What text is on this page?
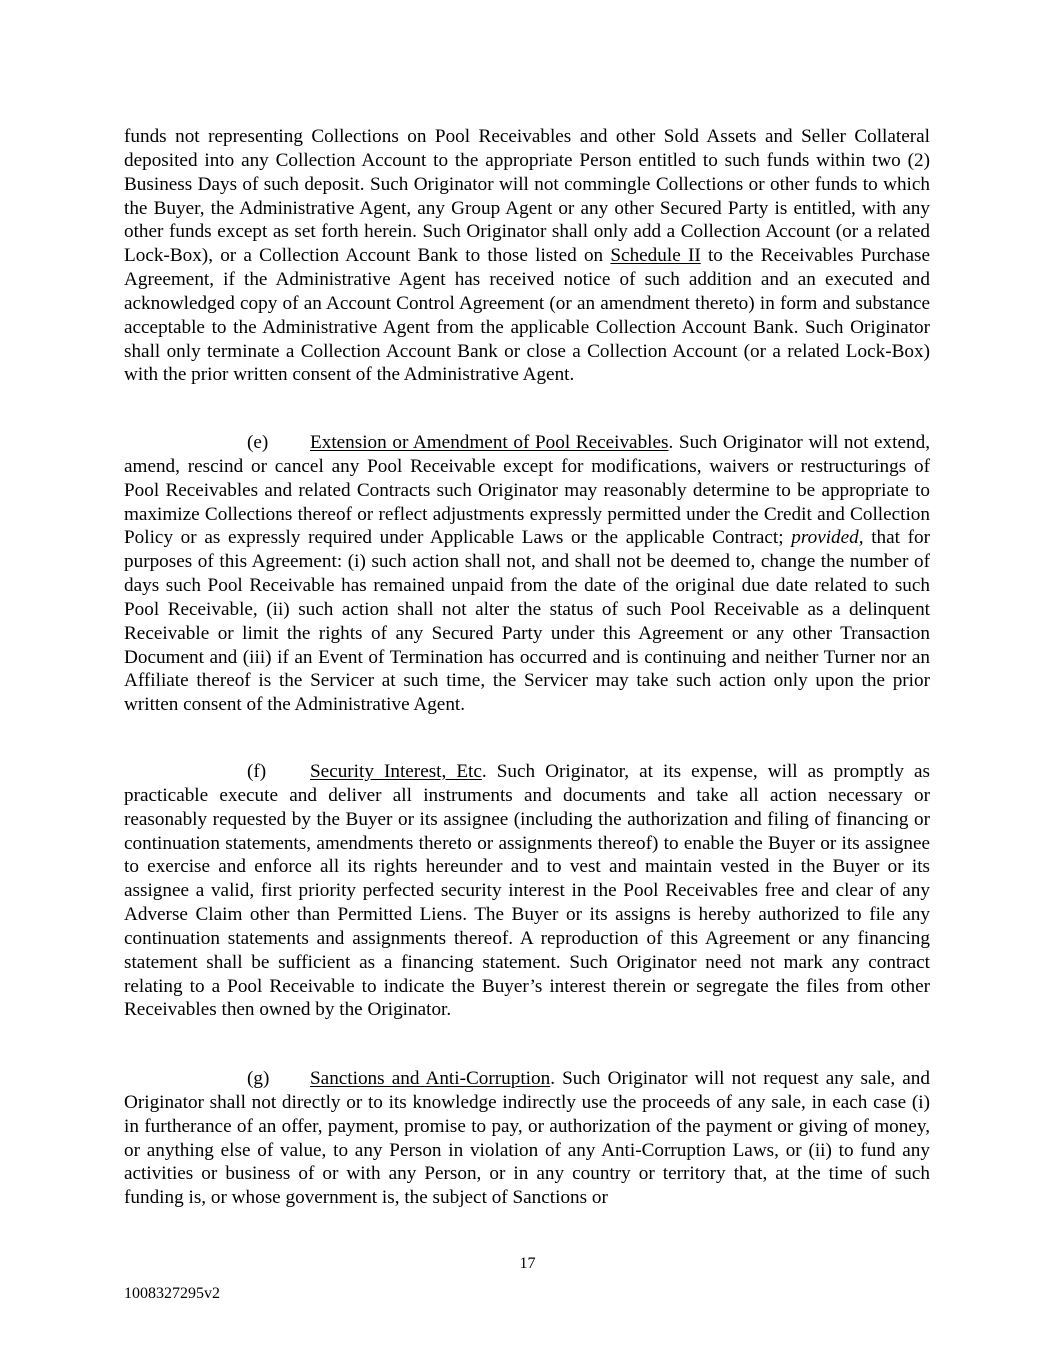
funds not representing Collections on Pool Receivables and other Sold Assets and Seller Collateral deposited into any Collection Account to the appropriate Person entitled to such funds within two (2) Business Days of such deposit. Such Originator will not commingle Collections or other funds to which the Buyer, the Administrative Agent, any Group Agent or any other Secured Party is entitled, with any other funds except as set forth herein. Such Originator shall only add a Collection Account (or a related Lock-Box), or a Collection Account Bank to those listed on Schedule II to the Receivables Purchase Agreement, if the Administrative Agent has received notice of such addition and an executed and acknowledged copy of an Account Control Agreement (or an amendment thereto) in form and substance acceptable to the Administrative Agent from the applicable Collection Account Bank. Such Originator shall only terminate a Collection Account Bank or close a Collection Account (or a related Lock-Box) with the prior written consent of the Administrative Agent.

(e) Extension or Amendment of Pool Receivables. Such Originator will not extend, amend, rescind or cancel any Pool Receivable except for modifications, waivers or restructurings of Pool Receivables and related Contracts such Originator may reasonably determine to be appropriate to maximize Collections thereof or reflect adjustments expressly permitted under the Credit and Collection Policy or as expressly required under Applicable Laws or the applicable Contract; provided, that for purposes of this Agreement: (i) such action shall not, and shall not be deemed to, change the number of days such Pool Receivable has remained unpaid from the date of the original due date related to such Pool Receivable, (ii) such action shall not alter the status of such Pool Receivable as a delinquent Receivable or limit the rights of any Secured Party under this Agreement or any other Transaction Document and (iii) if an Event of Termination has occurred and is continuing and neither Turner nor an Affiliate thereof is the Servicer at such time, the Servicer may take such action only upon the prior written consent of the Administrative Agent.

(f) Security Interest, Etc. Such Originator, at its expense, will as promptly as practicable execute and deliver all instruments and documents and take all action necessary or reasonably requested by the Buyer or its assignee (including the authorization and filing of financing or continuation statements, amendments thereto or assignments thereof) to enable the Buyer or its assignee to exercise and enforce all its rights hereunder and to vest and maintain vested in the Buyer or its assignee a valid, first priority perfected security interest in the Pool Receivables free and clear of any Adverse Claim other than Permitted Liens. The Buyer or its assigns is hereby authorized to file any continuation statements and assignments thereof. A reproduction of this Agreement or any financing statement shall be sufficient as a financing statement. Such Originator need not mark any contract relating to a Pool Receivable to indicate the Buyer’s interest therein or segregate the files from other Receivables then owned by the Originator.

(g) Sanctions and Anti-Corruption. Such Originator will not request any sale, and Originator shall not directly or to its knowledge indirectly use the proceeds of any sale, in each case (i) in furtherance of an offer, payment, promise to pay, or authorization of the payment or giving of money, or anything else of value, to any Person in violation of any Anti-Corruption Laws, or (ii) to fund any activities or business of or with any Person, or in any country or territory that, at the time of such funding is, or whose government is, the subject of Sanctions or

17
1008327295v2
